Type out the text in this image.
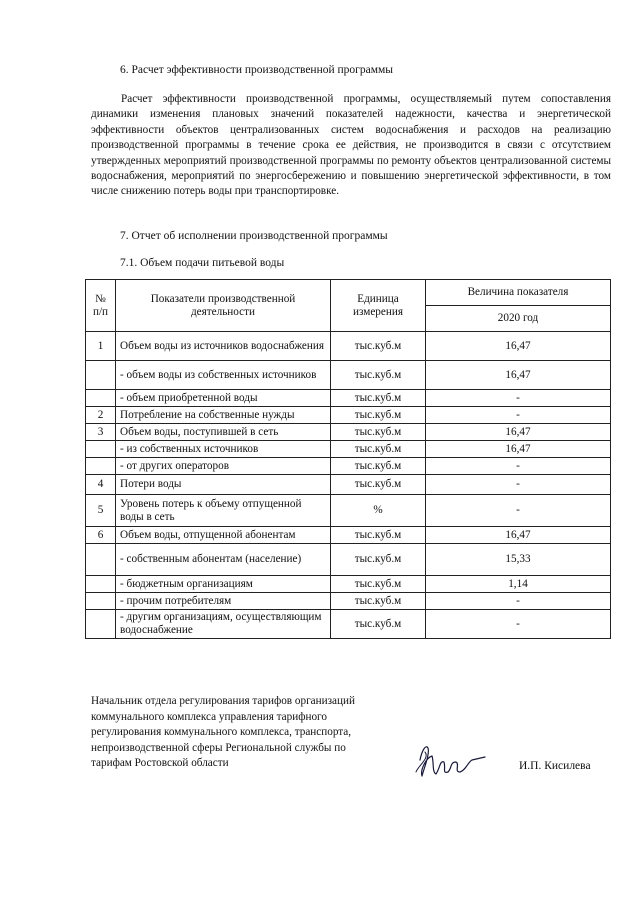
6. Расчет эффективности производственной программы

Расчет эффективности производственной программы, осуществляемый путем сопоставления динамики изменения плановых значений показателей надежности, качества и энергетической эффективности объектов централизованных систем водоснабжения и расходов на реализацию производственной программы в течение срока ее действия, не производится в связи с отсутствием утвержденных мероприятий производственной программы по ремонту объектов централизованной системы водоснабжения, мероприятий по энергосбережению и повышению энергетической эффективности, в том числе снижению потерь воды при транспортировке.

7. Отчет об исполнении производственной программы
7.1. Объем подачи питьевой воды
№ п/п	Показатели производственной деятельности	Единица измерения	Величина показателя
			2020 год
1	Объем воды из источников водоснабжения	тыс.куб.м	16,47
	- объем воды из собственных источников	тыс.куб.м	16,47
	- объем приобретенной воды	тыс.куб.м	-
2	Потребление на собственные нужды	тыс.куб.м	-
3	Объем воды, поступившей в сеть	тыс.куб.м	16,47
	- из собственных источников	тыс.куб.м	16,47
	- от других операторов	тыс.куб.м	-
4	Потери воды	тыс.куб.м	-
5	Уровень потерь к объему отпущенной воды в сеть	%	-
6	Объем воды, отпущенной абонентам	тыс.куб.м	16,47
	- собственным абонентам (население)	тыс.куб.м	15,33
	- бюджетным организациям	тыс.куб.м	1,14
	- прочим потребителям	тыс.куб.м	-
	- другим организациям, осуществляющим водоснабжение	тыс.куб.м	-
Начальник отдела регулирования тарифов организаций
коммунального комплекса управления тарифного
регулирования коммунального комплекса, транспорта,
непроизводственной сферы Региональной службы по
тарифам Ростовской области	И.П. Кисилева
